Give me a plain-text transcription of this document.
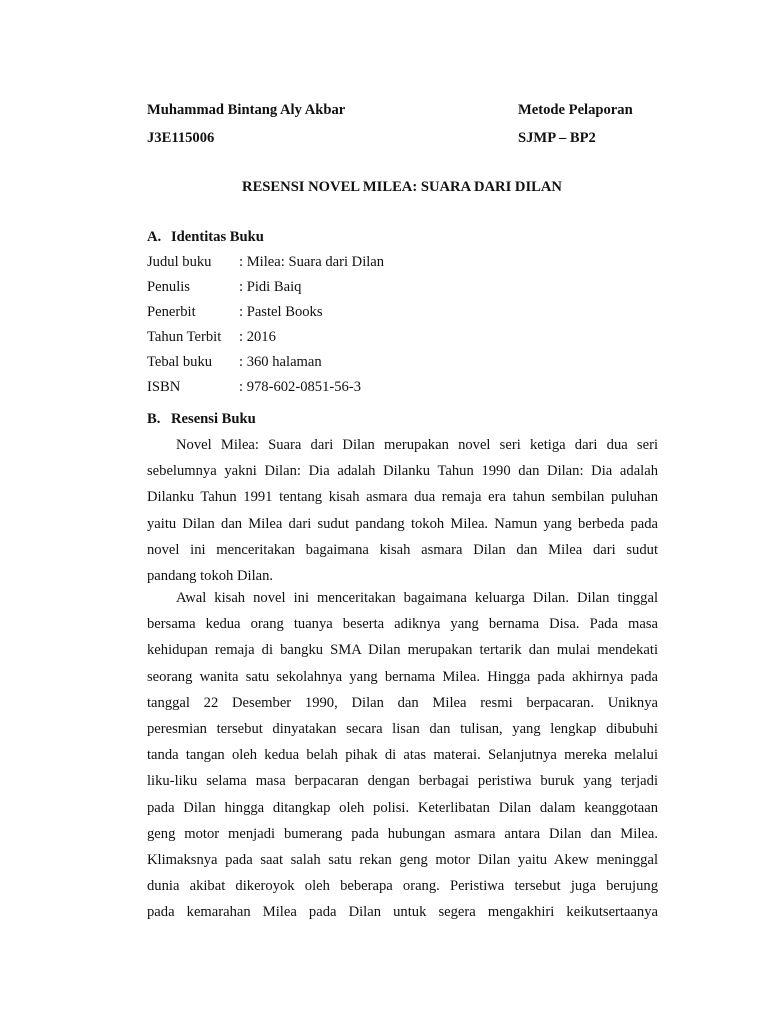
Muhammad Bintang Aly Akbar	Metode Pelaporan
J3E115006	SJMP – BP2
RESENSI NOVEL MILEA: SUARA DARI DILAN
A. Identitas Buku
Judul buku : Milea: Suara dari Dilan
Penulis	: Pidi Baiq
Penerbit	: Pastel Books
Tahun Terbit : 2016
Tebal buku : 360 halaman
ISBN	: 978-602-0851-56-3
B. Resensi Buku
Novel Milea: Suara dari Dilan merupakan novel seri ketiga dari dua seri
sebelumnya yakni Dilan: Dia adalah Dilanku Tahun 1990 dan Dilan: Dia adalah
Dilanku Tahun 1991 tentang kisah asmara dua remaja era tahun sembilan puluhan
yaitu Dilan dan Milea dari sudut pandang tokoh Milea. Namun yang berbeda pada
novel ini menceritakan bagaimana kisah asmara Dilan dan Milea dari sudut
pandang tokoh Dilan.
Awal kisah novel ini menceritakan bagaimana keluarga Dilan. Dilan tinggal
bersama kedua orang tuanya beserta adiknya yang bernama Disa. Pada masa
kehidupan remaja di bangku SMA Dilan merupakan tertarik dan mulai mendekati
seorang wanita satu sekolahnya yang bernama Milea. Hingga pada akhirnya pada
tanggal 22 Desember 1990, Dilan dan Milea resmi berpacaran. Uniknya
peresmian tersebut dinyatakan secara lisan dan tulisan, yang lengkap dibubuhi
tanda tangan oleh kedua belah pihak di atas materai. Selanjutnya mereka melalui
liku-liku selama masa berpacaran dengan berbagai peristiwa buruk yang terjadi
pada Dilan hingga ditangkap oleh polisi. Keterlibatan Dilan dalam keanggotaan
geng motor menjadi bumerang pada hubungan asmara antara Dilan dan Milea.
Klimaksnya pada saat salah satu rekan geng motor Dilan yaitu Akew meninggal
dunia akibat dikeroyok oleh beberapa orang. Peristiwa tersebut juga berujung
pada kemarahan Milea pada Dilan untuk segera mengakhiri keikutsertaanya
